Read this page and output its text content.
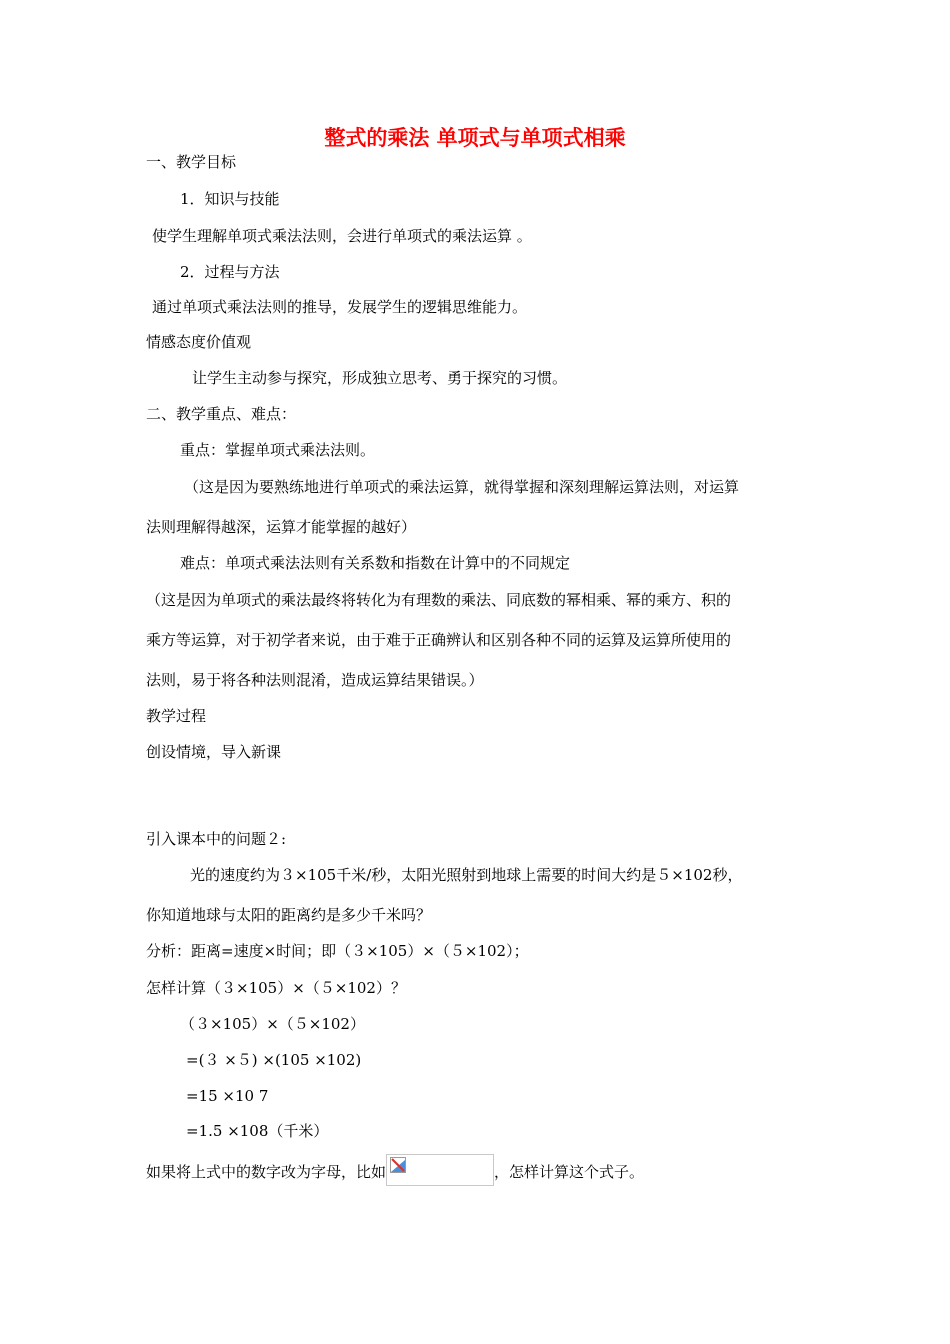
整式的乘法 单项式与单项式相乘
一、教学目标
1．知识与技能
使学生理解单项式乘法法则，会进行单项式的乘法运算 。
2．过程与方法
通过单项式乘法法则的推导，发展学生的逻辑思维能力。
情感态度价值观
让学生主动参与探究，形成独立思考、勇于探究的习惯。
二、教学重点、难点：
重点：掌握单项式乘法法则。
（这是因为要熟练地进行单项式的乘法运算，就得掌握和深刻理解运算法则，对运算
法则理解得越深，运算才能掌握的越好）
难点：单项式乘法法则有关系数和指数在计算中的不同规定
（这是因为单项式的乘法最终将转化为有理数的乘法、同底数的幂相乘、幂的乘方、积的
乘方等运算，对于初学者来说，由于难于正确辨认和区别各种不同的运算及运算所使用的
法则，易于将各种法则混淆，造成运算结果错误。）
教学过程
创设情境，导入新课
引入课本中的问题２:
光的速度约为３×105千米/秒，太阳光照射到地球上需要的时间大约是５×102秒，
你知道地球与太阳的距离约是多少千米吗？
分析：距离=速度×时间；即（３×105）×（５×102）；
怎样计算（３×105）×（５×102）？
（３×105）×（５×102）
=(３ ×５) ×(105 ×102)
=15 ×10 7
=1.5 ×108（千米）
如果将上式中的数字改为字母，比如	，怎样计算这个式子。
